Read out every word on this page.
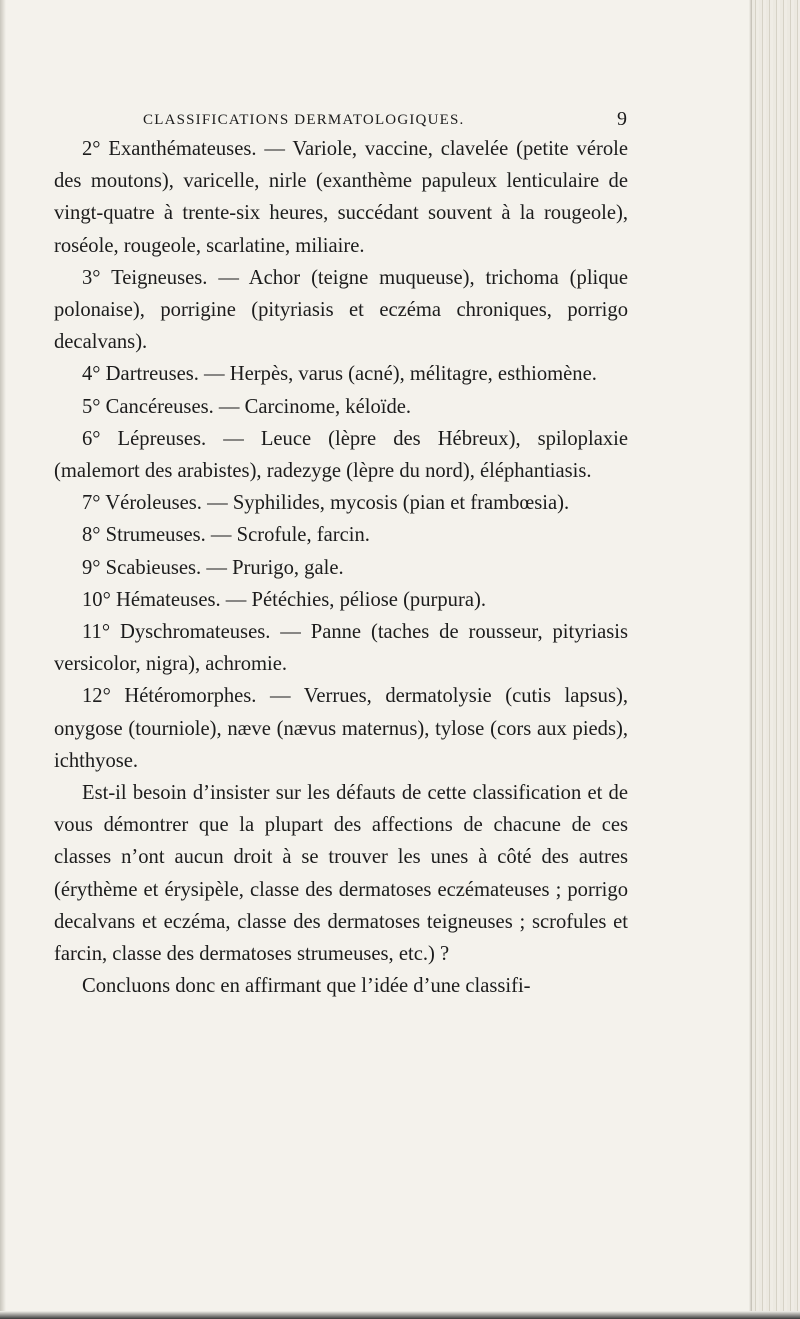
CLASSIFICATIONS DERMATOLOGIQUES.	9

2° Exanthémateuses. — Variole, vaccine, clavelée (petite vérole des moutons), varicelle, nirle (exanthème papuleux lenticulaire de vingt-quatre à trente-six heures, succédant souvent à la rougeole), roséole, rougeole, scarlatine, miliaire.

3° Teigneuses. — Achor (teigne muqueuse), trichoma (plique polonaise), porrigine (pityriasis et eczéma chroniques, porrigo decalvans).

4° Dartreuses. — Herpès, varus (acné), mélitagre, esthiomène.

5° Cancéreuses. — Carcinome, kéloïde.

6° Lépreuses. — Leuce (lèpre des Hébreux), spiloplaxie (malemort des arabistes), radezyge (lèpre du nord), éléphantiasis.

7° Véroleuses. — Syphilides, mycosis (pian et frambœsia).

8° Strumeuses. — Scrofule, farcin.

9° Scabieuses. — Prurigo, gale.

10° Hémateuses. — Pétéchies, péliose (purpura).

11° Dyschromateuses. — Panne (taches de rousseur, pityriasis versicolor, nigra), achromie.

12° Hétéromorphes. — Verrues, dermatolysie (cutis lapsus), onygose (tourniole), nævе (nævus maternus), tylose (cors aux pieds), ichthyose.

Est-il besoin d’insister sur les défauts de cette classification et de vous démontrer que la plupart des affections de chacune de ces classes n’ont aucun droit à se trouver les unes à côté des autres (érythème et érysipèle, classe des dermatoses eczémateuses ; porrigo decalvans et eczéma, classe des dermatoses teigneuses ; scrofules et farcin, classe des dermatoses strumeuses, etc.) ?

Concluons donc en affirmant que l’idée d’une classifi-
